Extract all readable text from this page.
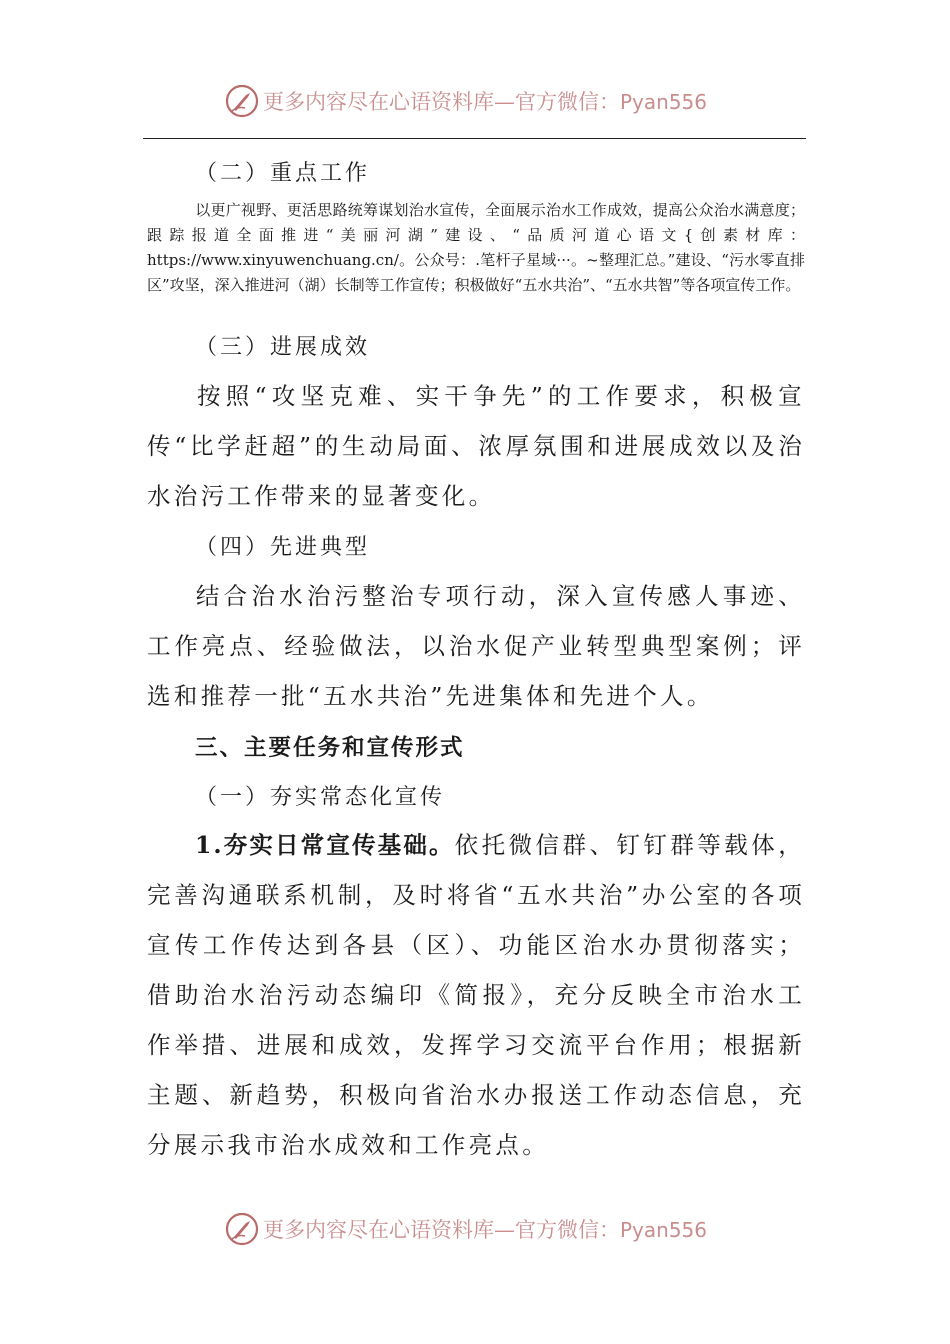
更多内容尽在心语资料库—官方微信：Pyan556
（二）重点工作
以更广视野、更活思路统筹谋划治水宣传，全面展示治水工作成效，提高公众治水满意度；跟踪报道全面推进“美丽河湖”建设、“品质河道心语文{创素材库：https://www.xinyuwenchuang.cn/。公众号：.笔杆子星域···。~整理汇总。”建设、“污水零直排区”攻坚，深入推进河（湖）长制等工作宣传；积极做好“五水共治”、“五水共智”等各项宣传工作。
（三）进展成效
按照“攻坚克难、实干争先”的工作要求，积极宣传“比学赶超”的生动局面、浓厚氛围和进展成效以及治水治污工作带来的显著变化。
（四）先进典型
结合治水治污整治专项行动，深入宣传感人事迹、工作亮点、经验做法，以治水促产业转型典型案例；评选和推荐一批“五水共治”先进集体和先进个人。
三、主要任务和宣传形式
（一）夯实常态化宣传
1.夯实日常宣传基础。依托微信群、钉钉群等载体，完善沟通联系机制，及时将省“五水共治”办公室的各项宣传工作传达到各县（区）、功能区治水办贯彻落实；借助治水治污动态编印《简报》，充分反映全市治水工作举措、进展和成效，发挥学习交流平台作用；根据新主题、新趋势，积极向省治水办报送工作动态信息，充分展示我市治水成效和工作亮点。
更多内容尽在心语资料库—官方微信：Pyan556
